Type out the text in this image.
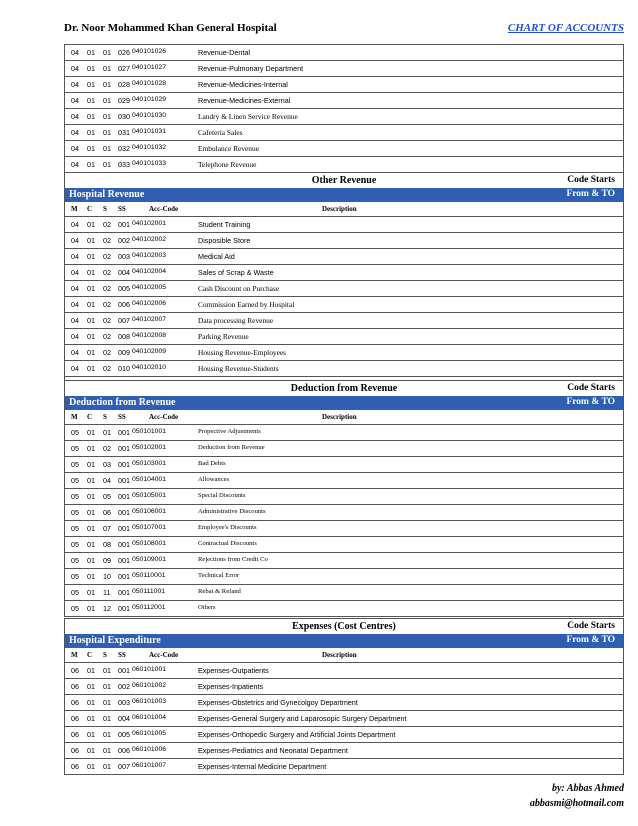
Dr. Noor Mohammed Khan General Hospital	CHART OF ACCOUNTS
04 01 01 026 040101026	Revenue-Dental
04 01 01 027 040101027	Revenue-Pulmonary Department
04 01 01 028 040101028	Revenue-Medicines-Internal
04 01 01 029 040101029	Revenue-Medicines-External
04 01 01 030 040101030	Landry & Linen Service Revenue
04 01 01 031 040101031	Cafeteria Sales
04 01 01 032 040101032	Embulance Revenue
04 01 01 033 040101033	Telephone Revenue
Other Revenue	Code Starts
Hospital Revenue	From & TO
M C S SS	Acc-Code	Description
04 01 02 001 040102001	Student Training
04 01 02 002 040102002	Disposible Store
04 01 02 003 040102003	Medical Aid
04 01 02 004 040102004	Sales of Scrap & Waste
04 01 02 005 040102005	Cash Discount on Purchase
04 01 02 006 040102006	Commission Earned by Hospital
04 01 02 007 040102007	Data processing Revenue
04 01 02 008 040102008	Parking Revenue
04 01 02 009 040102009	Housing Revenue-Employees
04 01 02 010 040102010	Housing Revenue-Students
Deduction from Revenue	Code Starts
Deduction from Revenue	From & TO
M C S SS	Acc-Code	Description
05 01 01 001 050101001	Propective Adjustments
05 01 02 001 050102001	Deduction from Revenue
05 01 03 001 050103001	Bad Debts
05 01 04 001 050104001	Allowances
05 01 05 001 050105001	Special Discounts
05 01 06 001 050106001	Administrative Discounts
05 01 07 001 050107001	Employee's Discounts
05 01 08 001 050108001	Contractual Discounts
05 01 09 001 050109001	Rejections from Credit Co
05 01 10 001 050110001	Technical Error
05 01 11 001 050111001	Rebat & Refand
05 01 12 001 050112001	Others
Expenses (Cost Centres)	Code Starts
Hospital Expenditure	From & TO
M C S SS	Acc-Code	Description
06 01 01 001 060101001	Expenses-Outpatients
06 01 01 002 060101002	Expenses-Inpatients
06 01 01 003 060101003	Expenses-Obstetrics and Gynecolgoy Department
06 01 01 004 060101004	Expenses-General Surgery and Laparosopic Surgery Department
06 01 01 005 060101005	Expenses-Orthopedic Surgery and Artificial Joints Department
06 01 01 006 060101006	Expenses-Pediatrics and Neonatal Department
06 01 01 007 060101007	Expenses-Internal Medicine Department
by: Abbas Ahmed
abbasmi@hotmail.com
